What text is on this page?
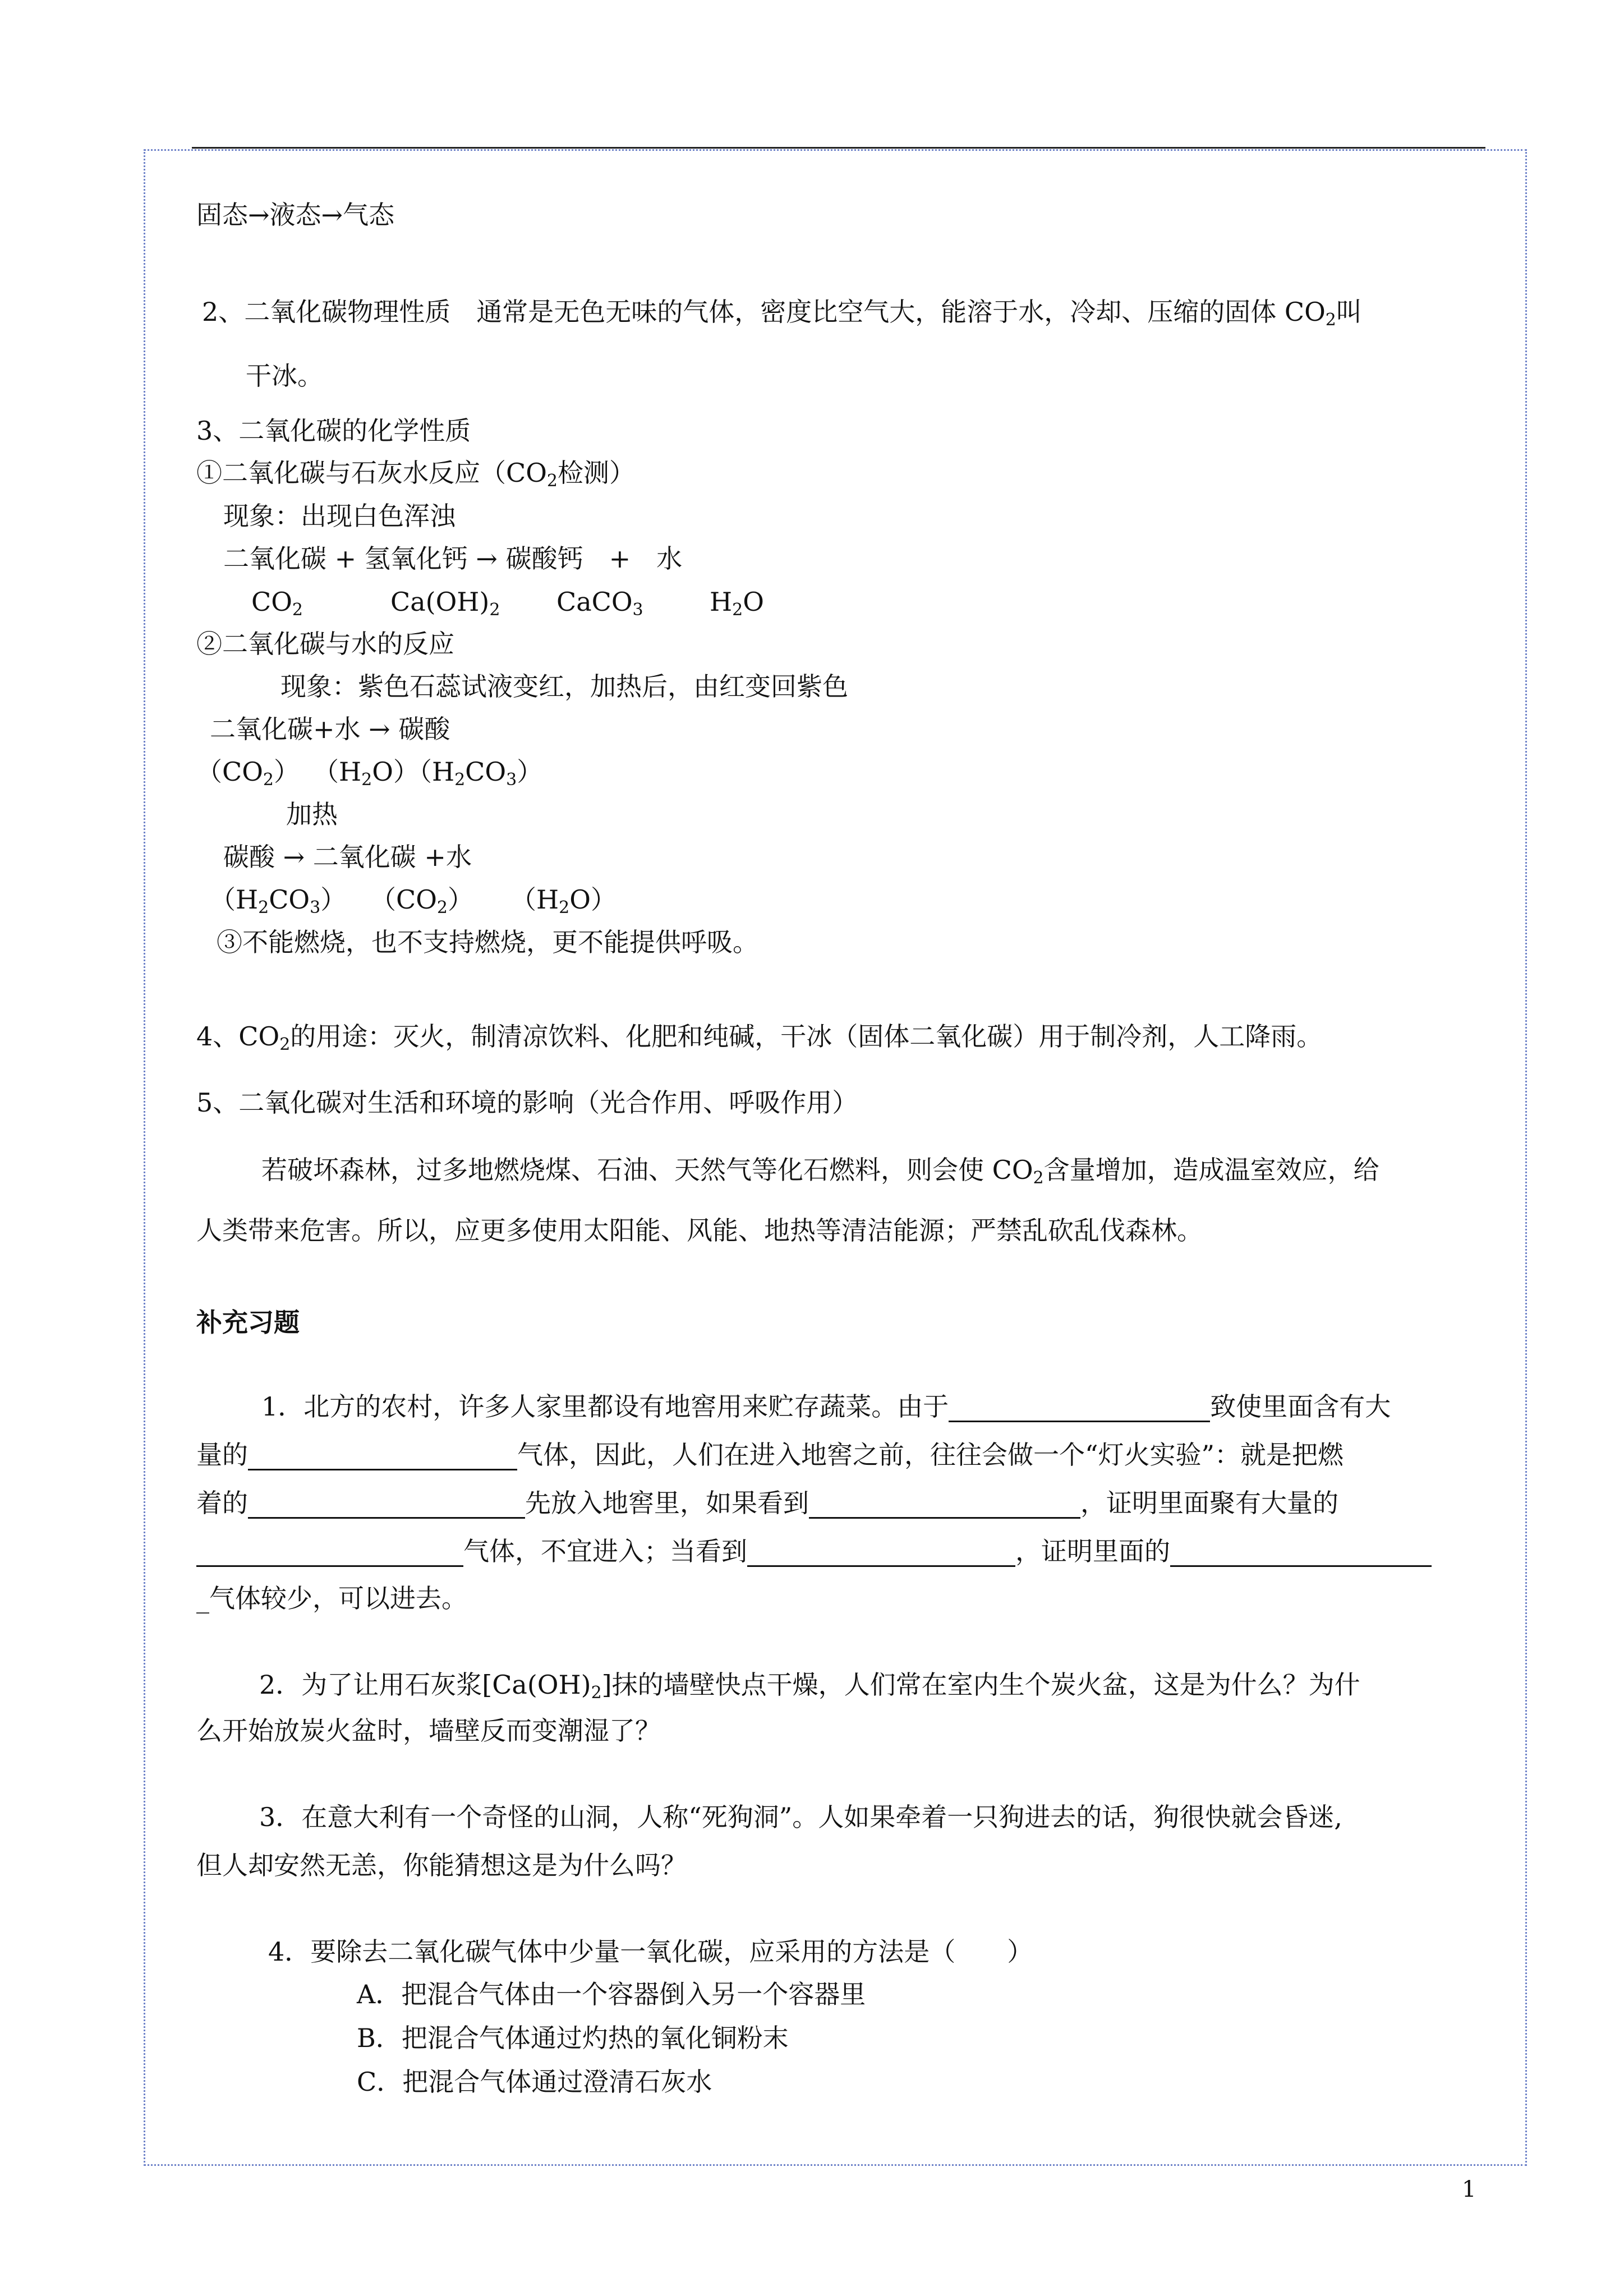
固态→液态→气态
2、二氧化碳物理性质　通常是无色无味的气体，密度比空气大，能溶于水，冷却、压缩的固体 $CO_2$叫
干冰。
3、二氧化碳的化学性质
①二氧化碳与石灰水反应（$CO_2$检测）
现象：出现白色浑浊
二氧化碳 + 氢氧化钙 → 碳酸钙　+　水
$CO_2$	$Ca(OH)_2$ CaCO$_3$	$H_2O$
②二氧化碳与水的反应
现象：紫色石蕊试液变红，加热后，由红变回紫色
二氧化碳+水 → 碳酸
$(CO_2)$ $(H_2O)(H_2CO_3)$
加热
碳酸 → 二氧化碳 +水
$(H_2CO_3)$ $(CO_2)$ $(H_2O)$
③不能燃烧，也不支持燃烧，更不能提供呼吸。
4、$CO_2$的用途：灭火，制清凉饮料、化肥和纯碱，干冰（固体二氧化碳）用于制冷剂，人工降雨。
5、二氧化碳对生活和环境的影响（光合作用、呼吸作用）
若破坏森林，过多地燃烧煤、石油、天然气等化石燃料，则会使 $CO_2$含量增加，造成温室效应，给
人类带来危害。所以，应更多使用太阳能、风能、地热等清洁能源；严禁乱砍乱伐森林。
补充习题
1．北方的农村，许多人家里都设有地窖用来贮存蔬菜。由于	致使里面含有大
量的	气体，因此，人们在进入地窖之前，往往会做一个“灯火实验”：就是把燃
着的	先放入地窖里，如果看到	，证明里面聚有大量的
气体，不宜进入；当看到	，证明里面的
_气体较少，可以进去。
2．为了让用石灰浆$[Ca(OH)_2]$抹的墙壁快点干燥，人们常在室内生个炭火盆，这是为什么？为什
么开始放炭火盆时，墙壁反而变潮湿了？
3．在意大利有一个奇怪的山洞，人称“死狗洞”。人如果牵着一只狗进去的话，狗很快就会昏迷,
但人却安然无恙，你能猜想这是为什么吗？
4．要除去二氧化碳气体中少量一氧化碳，应采用的方法是（　　）
A．把混合气体由一个容器倒入另一个容器里
B．把混合气体通过灼热的氧化铜粉末
C．把混合气体通过澄清石灰水
1
